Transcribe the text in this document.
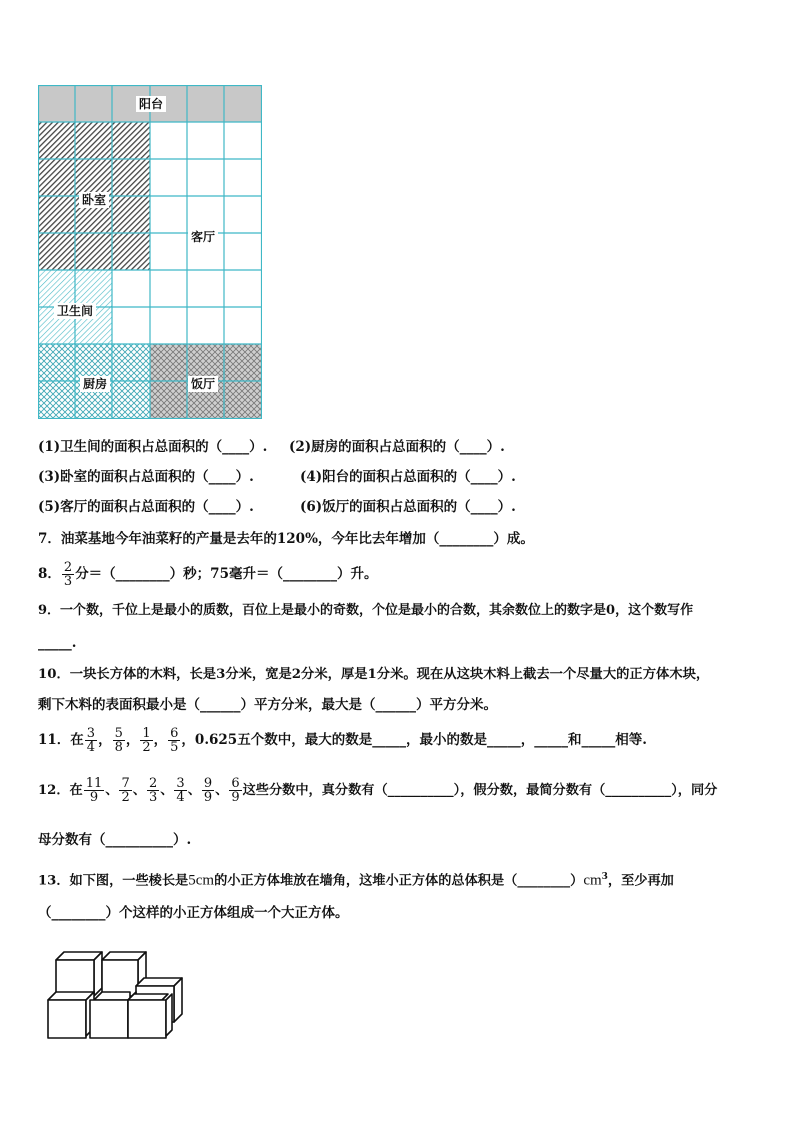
阳台
卧室
客厅
卫生间
厨房	饭厅
(1)卫生间的面积占总面积的（____）. (2)厨房的面积占总面积的（____）.
(3)卧室的面积占总面积的（____）.	(4)阳台的面积占总面积的（____）.
(5)客厅的面积占总面积的（____）.	(6)饭厅的面积占总面积的（____）.
7．油菜基地今年油菜籽的产量是去年的120%，今年比去年增加（________）成。
8． $\frac{2}{3}$ 分＝（________）秒；75毫升＝（________）升。
9．一个数，千位上是最小的质数，百位上是最小的奇数，个位是最小的合数，其余数位上的数字是0，这个数写作
_____.
10．一块长方体的木料，长是3分米，宽是2分米，厚是1分米。现在从这块木料上截去一个尽量大的正方体木块，
剩下木料的表面积最小是（______）平方分米，最大是（______）平方分米。
11．在 $\frac{3}{4}$ ， $\frac{5}{8}$ ， $\frac{1}{2}$ ， $\frac{6}{5}$ ，0.625五个数中，最大的数是_____，最小的数是_____，_____和_____相等.
12．在 $\frac{11}{9}$ 、 $\frac{7}{2}$ 、 $\frac{2}{3}$ 、 $\frac{3}{4}$ 、 $\frac{9}{9}$ 、 $\frac{6}{9}$ 这些分数中，真分数有（__________），假分数，最简分数有（__________），同分
母分数有（__________）.
13．如下图，一些棱长是5cm的小正方体堆放在墙角，这堆小正方体的总体积是$(\_\_\_\_\_\_\_\_)cm^3$，至少再加
（________）个这样的小正方体组成一个大正方体。
